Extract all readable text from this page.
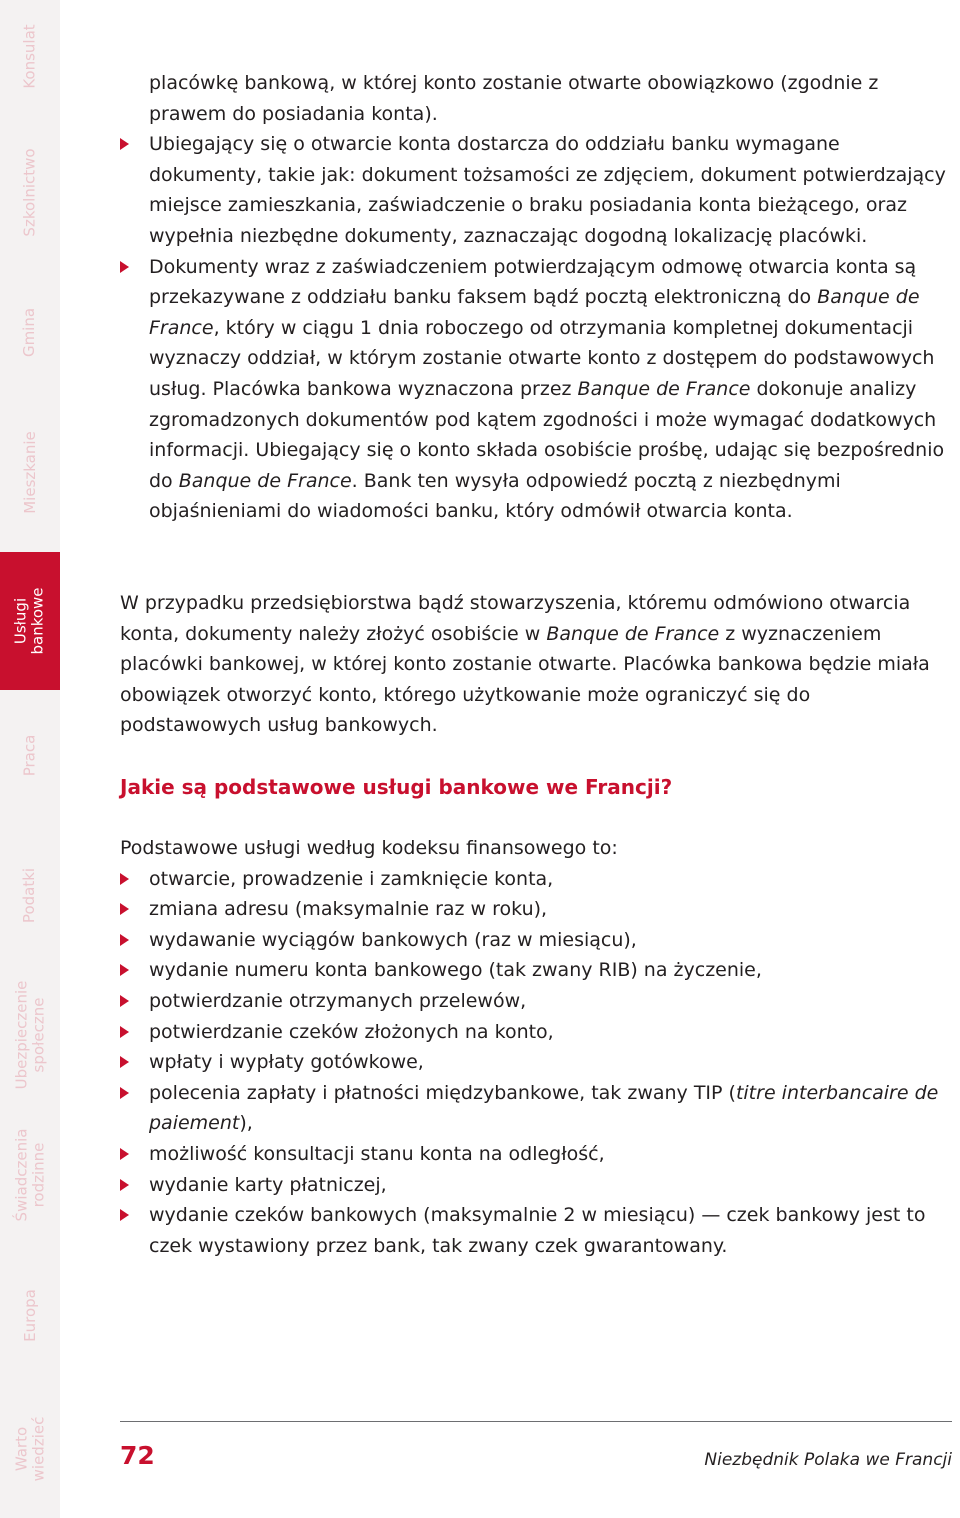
Konsulat
Szkolnictwo
Gmina
Mieszkanie
Usługi bankowe
Praca
Podatki
Ubezpieczenie społeczne
Świadczenia rodzinne
Europa
Warto wiedzieć
placówkę bankową, w której konto zostanie otwarte obowiązkowo (zgodnie z prawem do posiadania konta).
Ubiegający się o otwarcie konta dostarcza do oddziału banku wymagane dokumenty, takie jak: dokument tożsamości ze zdjęciem, dokument potwierdzający miejsce zamieszkania, zaświadczenie o braku posiadania konta bieżącego, oraz wypełnia niezbędne dokumenty, zaznaczając dogodną lokalizację placówki.
Dokumenty wraz z zaświadczeniem potwierdzającym odmowę otwarcia konta są przekazywane z oddziału banku faksem bądź pocztą elektroniczną do Banque de France, który w ciągu 1 dnia roboczego od otrzymania kompletnej dokumentacji wyznaczy oddział, w którym zostanie otwarte konto z dostępem do podstawowych usług. Placówka bankowa wyznaczona przez Banque de France dokonuje analizy zgromadzonych dokumentów pod kątem zgodności i może wymagać dodatkowych informacji. Ubiegający się o konto składa osobiście prośbę, udając się bezpośrednio do Banque de France. Bank ten wysyła odpowiedź pocztą z niezbędnymi objaśnieniami do wiadomości banku, który odmówił otwarcia konta.

W przypadku przedsiębiorstwa bądź stowarzyszenia, któremu odmówiono otwarcia konta, dokumenty należy złożyć osobiście w Banque de France z wyznaczeniem placówki bankowej, w której konto zostanie otwarte. Placówka bankowa będzie miała obowiązek otworzyć konto, którego użytkowanie może ograniczyć się do podstawowych usług bankowych.

Jakie są podstawowe usługi bankowe we Francji?

Podstawowe usługi według kodeksu finansowego to:

otwarcie, prowadzenie i zamknięcie konta,
zmiana adresu (maksymalnie raz w roku),
wydawanie wyciągów bankowych (raz w miesiącu),
wydanie numeru konta bankowego (tak zwany RIB) na życzenie,
potwierdzanie otrzymanych przelewów,
potwierdzanie czeków złożonych na konto,
wpłaty i wypłaty gotówkowe,
polecenia zapłaty i płatności międzybankowe, tak zwany TIP (titre interbancaire de paiement),
możliwość konsultacji stanu konta na odległość,
wydanie karty płatniczej,
wydanie czeków bankowych (maksymalnie 2 w miesiącu) — czek bankowy jest to czek wystawiony przez bank, tak zwany czek gwarantowany.
72	Niezbędnik Polaka we Francji
